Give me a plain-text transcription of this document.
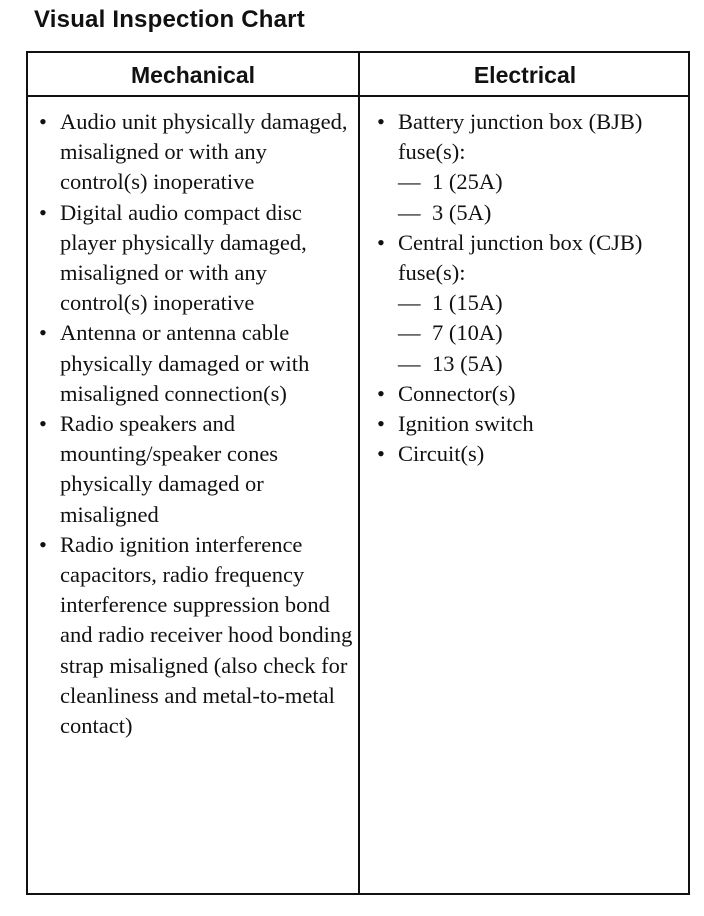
Visual Inspection Chart
Mechanical	Electrical
• Audio unit physically damaged, misaligned or with any control(s) inoperative
• Digital audio compact disc player physically damaged, misaligned or with any control(s) inoperative
• Antenna or antenna cable physically damaged or with misaligned connection(s)
• Radio speakers and mounting/speaker cones physically damaged or misaligned
• Radio ignition interference capacitors, radio frequency interference suppression bond and radio receiver hood bonding strap misaligned (also check for cleanliness and metal-to-metal contact)
• Battery junction box (BJB) fuse(s):
— 1 (25A)
— 3 (5A)
• Central junction box (CJB) fuse(s):
— 1 (15A)
— 7 (10A)
— 13 (5A)
• Connector(s)
• Ignition switch
• Circuit(s)
